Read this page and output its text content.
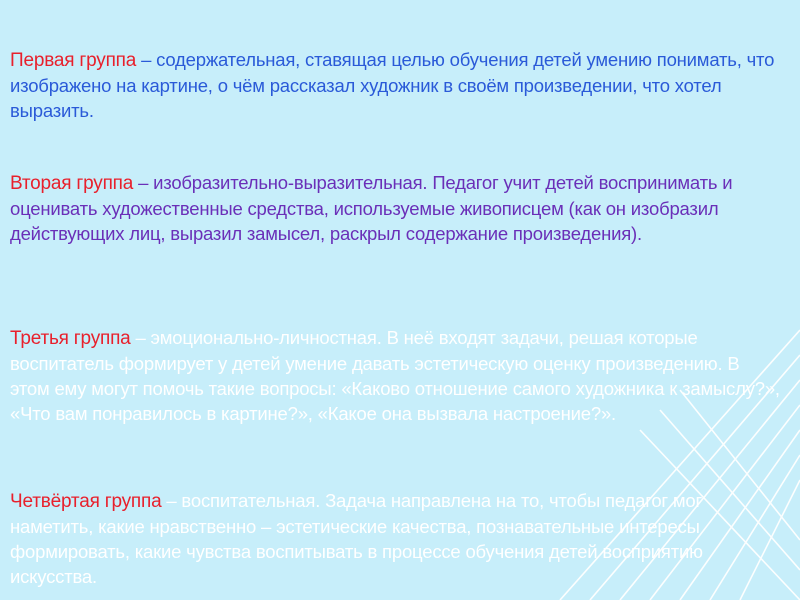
Первая группа – содержательная, ставящая целью обучения детей умению понимать, что изображено на картине, о чём рассказал художник в своём произведении, что хотел выразить.

Вторая группа – изобразительно-выразительная. Педагог учит детей воспринимать и оценивать художественные средства, используемые живописцем (как он изобразил действующих лиц, выразил замысел, раскрыл содержание произведения).

Третья группа – эмоционально-личностная. В неё входят задачи, решая которые воспитатель формирует у детей умение давать эстетическую оценку произведению. В этом ему могут помочь такие вопросы: «Каково отношение самого художника к замыслу?», «Что вам понравилось в картине?», «Какое она вызвала настроение?».

Четвёртая группа – воспитательная. Задача направлена на то, чтобы педагог мог наметить, какие нравственно – эстетические качества, познавательные интересы формировать, какие чувства воспитывать в процессе обучения детей восприятию искусства.
